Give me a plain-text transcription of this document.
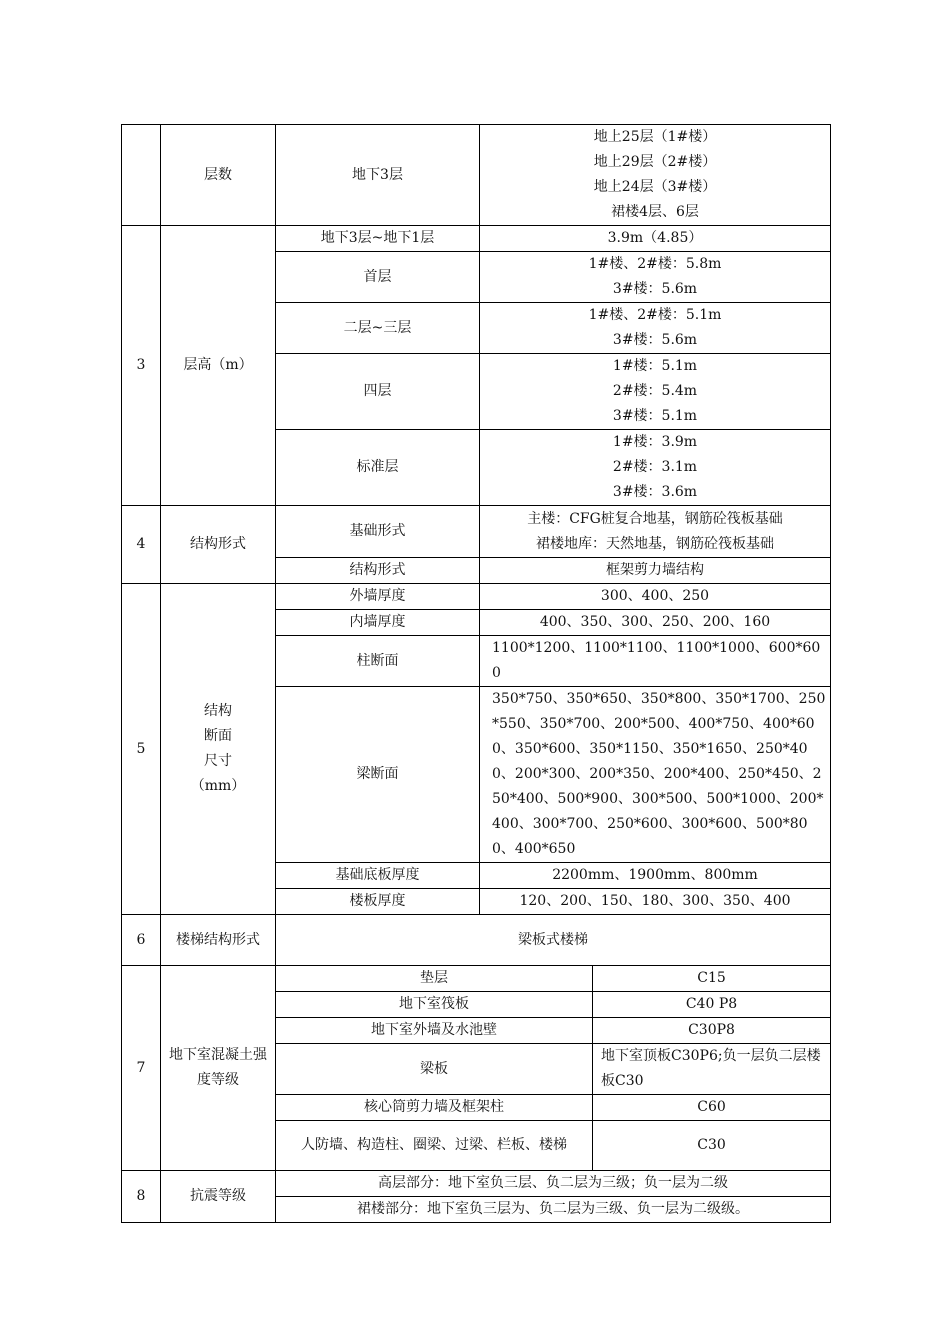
	层数	地下3层	地上25层（1#楼）
地上29层（2#楼）
地上24层（3#楼）
裙楼4层、6层	

3	层高（m）	地下3层~地下1层	3.9m（4.85）	
		首层	1#楼、2#楼：5.8m
3#楼：5.6m	

		二层~三层	1#楼、2#楼：5.1m
3#楼：5.6m	

		四层	1#楼：5.1m
2#楼：5.4m
3#楼：5.1m	

		标准层	1#楼：3.9m
2#楼：3.1m
3#楼：3.6m	

4	结构形式	基础形式	主楼：CFG桩复合地基，钢筋砼筏板基础
裙楼地库：天然地基，钢筋砼筏板基础	

		结构形式	框架剪力墙结构	
5	结构
断面
尺寸
（mm）	外墙厚度	300、400、250	
		内墙厚度	400、350、300、250、200、160	
		柱断面	1100*1200、1100*1100、1100*1000、600*600	
		梁断面	350*750、350*650、350*800、350*1700、250*550、350*700、200*500、400*750、400*600、350*600、350*1150、350*1650、250*400、200*300、200*350、200*400、250*450、250*400、500*900、300*500、500*1000、200*400、300*700、250*600、300*600、500*800、400*650	
		基础底板厚度	2200mm、1900mm、800mm	
		楼板厚度	120、200、150、180、300、350、400	
6	楼梯结构形式	梁板式楼梯		
7	地下室混凝土强度等级	垫层		C15
		地下室筏板		C40 P8
		地下室外墙及水池壁		C30P8
		梁板		地下室顶板C30P6;负一层负二层楼板C30
		核心筒剪力墙及框架柱		C60
		人防墙、构造柱、圈梁、过梁、栏板、楼梯		C30
8	抗震等级	高层部分：地下室负三层、负二层为三级；负一层为二级		
		裙楼部分：地下室负三层为、负二层为三级、负一层为二级级。		
